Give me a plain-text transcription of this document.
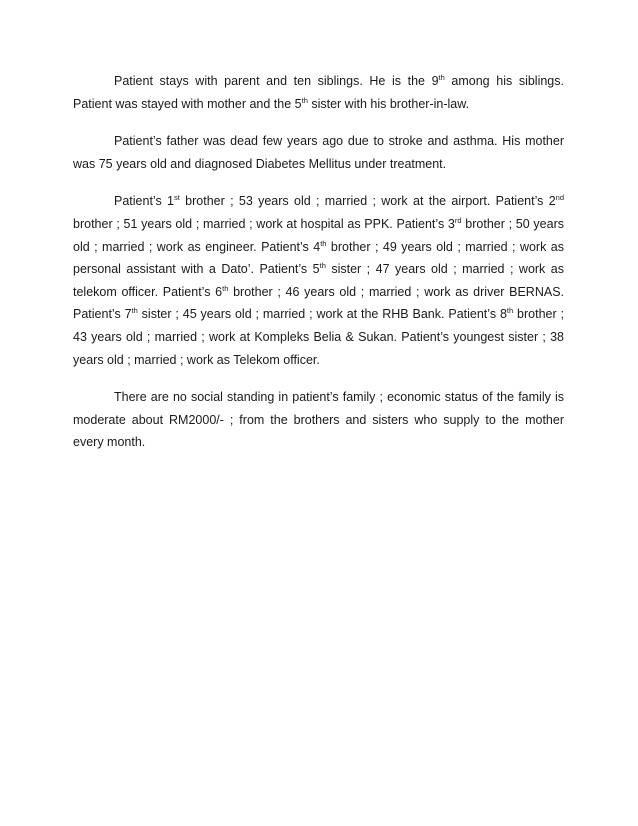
Patient stays with parent and ten siblings. He is the 9th among his siblings. Patient was stayed with mother and the 5th sister with his brother-in-law.

Patient’s father was dead few years ago due to stroke and asthma. His mother was 75 years old and diagnosed Diabetes Mellitus under treatment.

Patient’s 1st brother ; 53 years old ; married ; work at the airport. Patient’s 2nd brother ; 51 years old ; married ; work at hospital as PPK. Patient’s 3rd brother ; 50 years old ; married ; work as engineer. Patient’s 4th brother ; 49 years old ; married ; work as personal assistant with a Dato’. Patient’s 5th sister ; 47 years old ; married ; work as telekom officer. Patient’s 6th brother ; 46 years old ; married ; work as driver BERNAS. Patient’s 7th sister ; 45 years old ; married ; work at the RHB Bank. Patient’s 8th brother ; 43 years old ; married ; work at Kompleks Belia & Sukan. Patient’s youngest sister ; 38 years old ; married ; work as Telekom officer.

There are no social standing in patient’s family ; economic status of the family is moderate about RM2000/- ; from the brothers and sisters who supply to the mother every month.
